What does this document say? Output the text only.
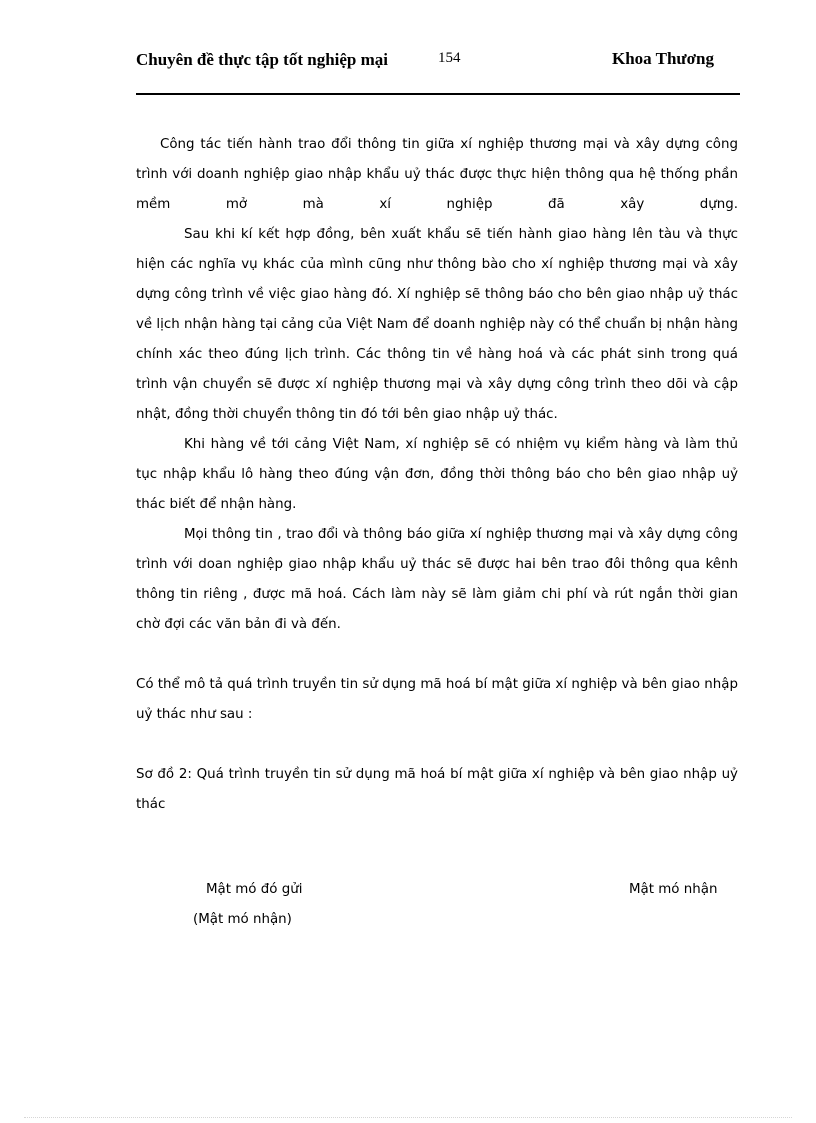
Chuyên đề thực tập tốt nghiệp mại	154	Khoa Thương

Công tác tiến hành trao đổi thông tin giữa xí nghiệp thương mại và xây dựng công trình với doanh nghiệp giao nhập khẩu uỷ thác được thực hiện thông qua hệ thống phần mềm mở mà xí nghiệp đã xây dựng.

Sau khi kí kết hợp đồng, bên xuất khẩu sẽ tiến hành giao hàng lên tàu và thực hiện các nghĩa vụ khác của mình cũng như thông bào cho xí nghiệp thương mại và xây dựng công trình về việc giao hàng đó. Xí nghiệp sẽ thông báo cho bên giao nhập uỷ thác về lịch nhận hàng tại cảng của Việt Nam để doanh nghiệp này có thể chuẩn bị nhận hàng chính xác theo đúng lịch trình. Các thông tin về hàng hoá và các phát sinh trong quá trình vận chuyển sẽ được xí nghiệp thương mại và xây dựng công trình theo dõi và cập nhật, đồng thời chuyển thông tin đó tới bên giao nhập uỷ thác.

Khi hàng về tới cảng Việt Nam, xí nghiệp sẽ có nhiệm vụ kiểm hàng và làm thủ tục nhập khẩu lô hàng theo đúng vận đơn, đồng thời thông báo cho bên giao nhập uỷ thác biết để nhận hàng.

Mọi thông tin , trao đổi và thông báo giữa xí nghiệp thương mại và xây dựng công trình với doan nghiệp giao nhập khẩu uỷ thác sẽ được hai bên trao đôi thông qua kênh thông tin riêng , được mã hoá. Cách làm này sẽ làm giảm chi phí và rút ngắn thời gian chờ đợi các văn bản đi và đến.

Có thể mô tả quá trình truyền tin sử dụng mã hoá bí mật giữa xí nghiệp và bên giao nhập uỷ thác như sau :

Sơ đồ 2: Quá trình truyền tin sử dụng mã hoá bí mật giữa xí nghiệp và bên giao nhập uỷ thác

Mật mó đó gửi
(Mật mó nhận)
Mật mó nhận
